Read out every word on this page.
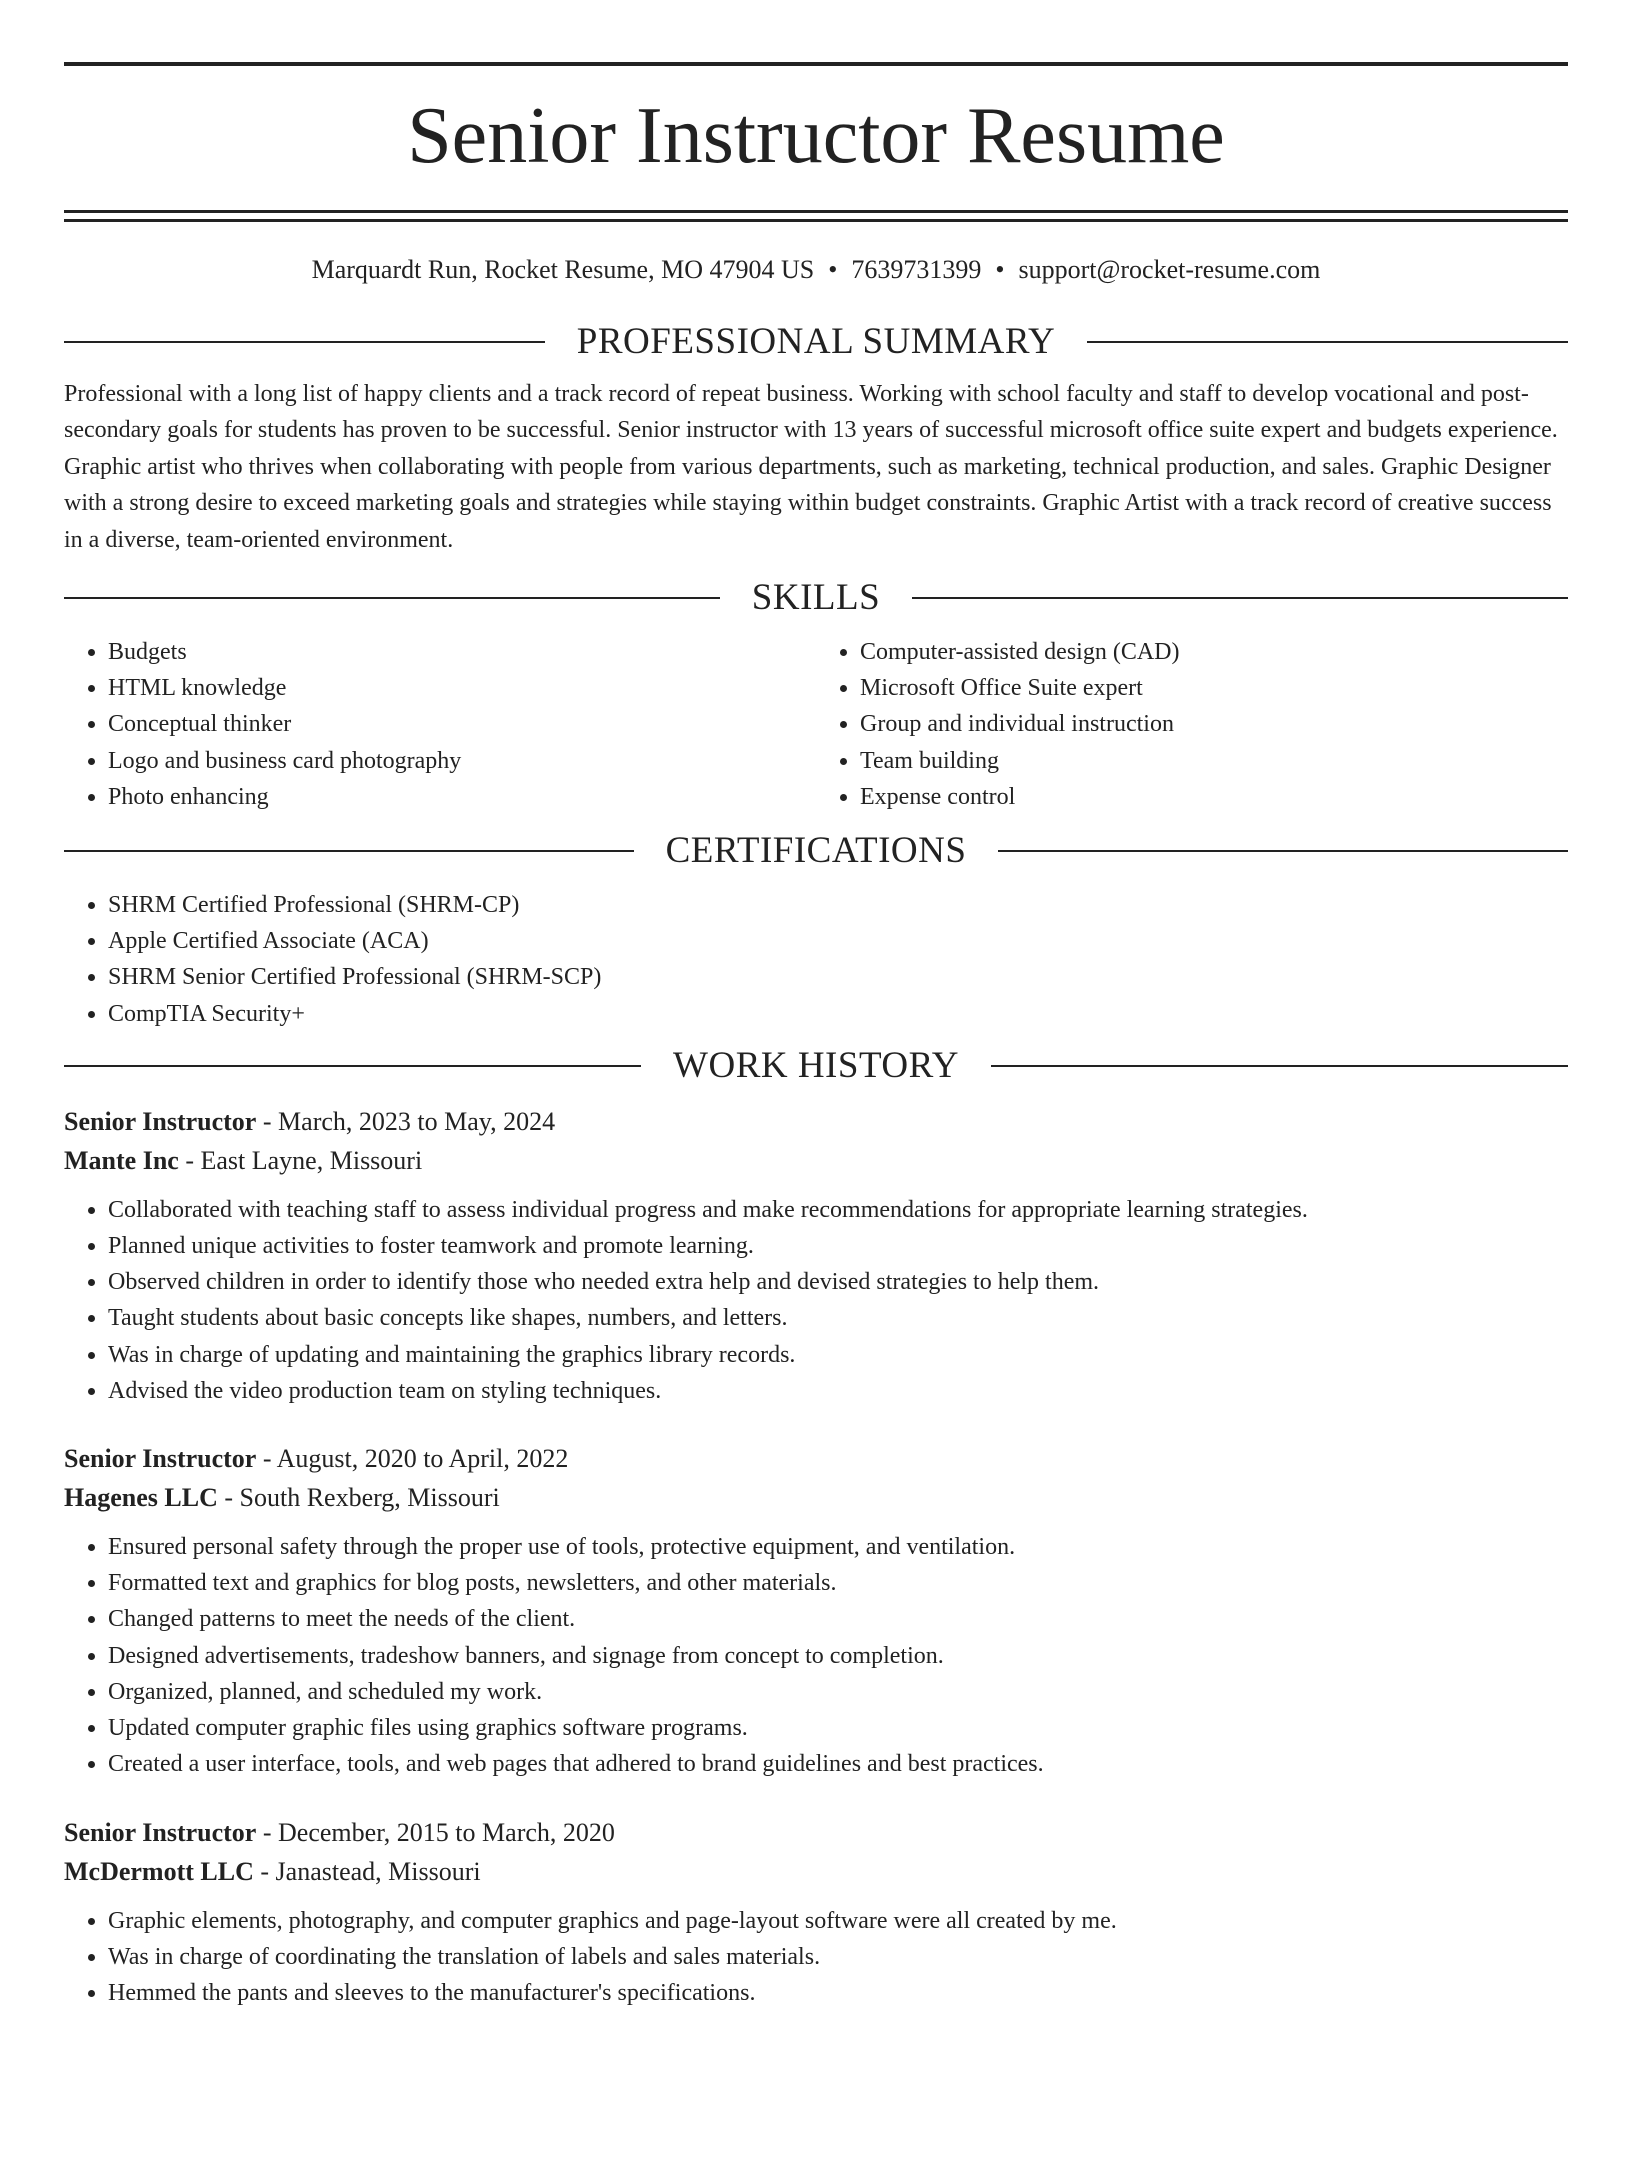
Senior Instructor Resume
Marquardt Run, Rocket Resume, MO 47904 US • 7639731399 • support@rocket-resume.com
PROFESSIONAL SUMMARY

Professional with a long list of happy clients and a track record of repeat business. Working with school faculty and staff to develop vocational and post-secondary goals for students has proven to be successful. Senior instructor with 13 years of successful microsoft office suite expert and budgets experience. Graphic artist who thrives when collaborating with people from various departments, such as marketing, technical production, and sales. Graphic Designer with a strong desire to exceed marketing goals and strategies while staying within budget constraints. Graphic Artist with a track record of creative success in a diverse, team-oriented environment.

SKILLS
• Budgets
• HTML knowledge
• Conceptual thinker
• Logo and business card photography
• Photo enhancing
• Computer-assisted design (CAD)
• Microsoft Office Suite expert
• Group and individual instruction
• Team building
• Expense control
CERTIFICATIONS
• SHRM Certified Professional (SHRM-CP)
• Apple Certified Associate (ACA)
• SHRM Senior Certified Professional (SHRM-SCP)
• CompTIA Security+
WORK HISTORY
Senior Instructor - March, 2023 to May, 2024
Mante Inc - East Layne, Missouri
• Collaborated with teaching staff to assess individual progress and make recommendations for appropriate learning strategies.
• Planned unique activities to foster teamwork and promote learning.
• Observed children in order to identify those who needed extra help and devised strategies to help them.
• Taught students about basic concepts like shapes, numbers, and letters.
• Was in charge of updating and maintaining the graphics library records.
• Advised the video production team on styling techniques.
Senior Instructor - August, 2020 to April, 2022
Hagenes LLC - South Rexberg, Missouri
• Ensured personal safety through the proper use of tools, protective equipment, and ventilation.
• Formatted text and graphics for blog posts, newsletters, and other materials.
• Changed patterns to meet the needs of the client.
• Designed advertisements, tradeshow banners, and signage from concept to completion.
• Organized, planned, and scheduled my work.
• Updated computer graphic files using graphics software programs.
• Created a user interface, tools, and web pages that adhered to brand guidelines and best practices.
Senior Instructor - December, 2015 to March, 2020
McDermott LLC - Janastead, Missouri
• Graphic elements, photography, and computer graphics and page-layout software were all created by me.
• Was in charge of coordinating the translation of labels and sales materials.
• Hemmed the pants and sleeves to the manufacturer's specifications.
